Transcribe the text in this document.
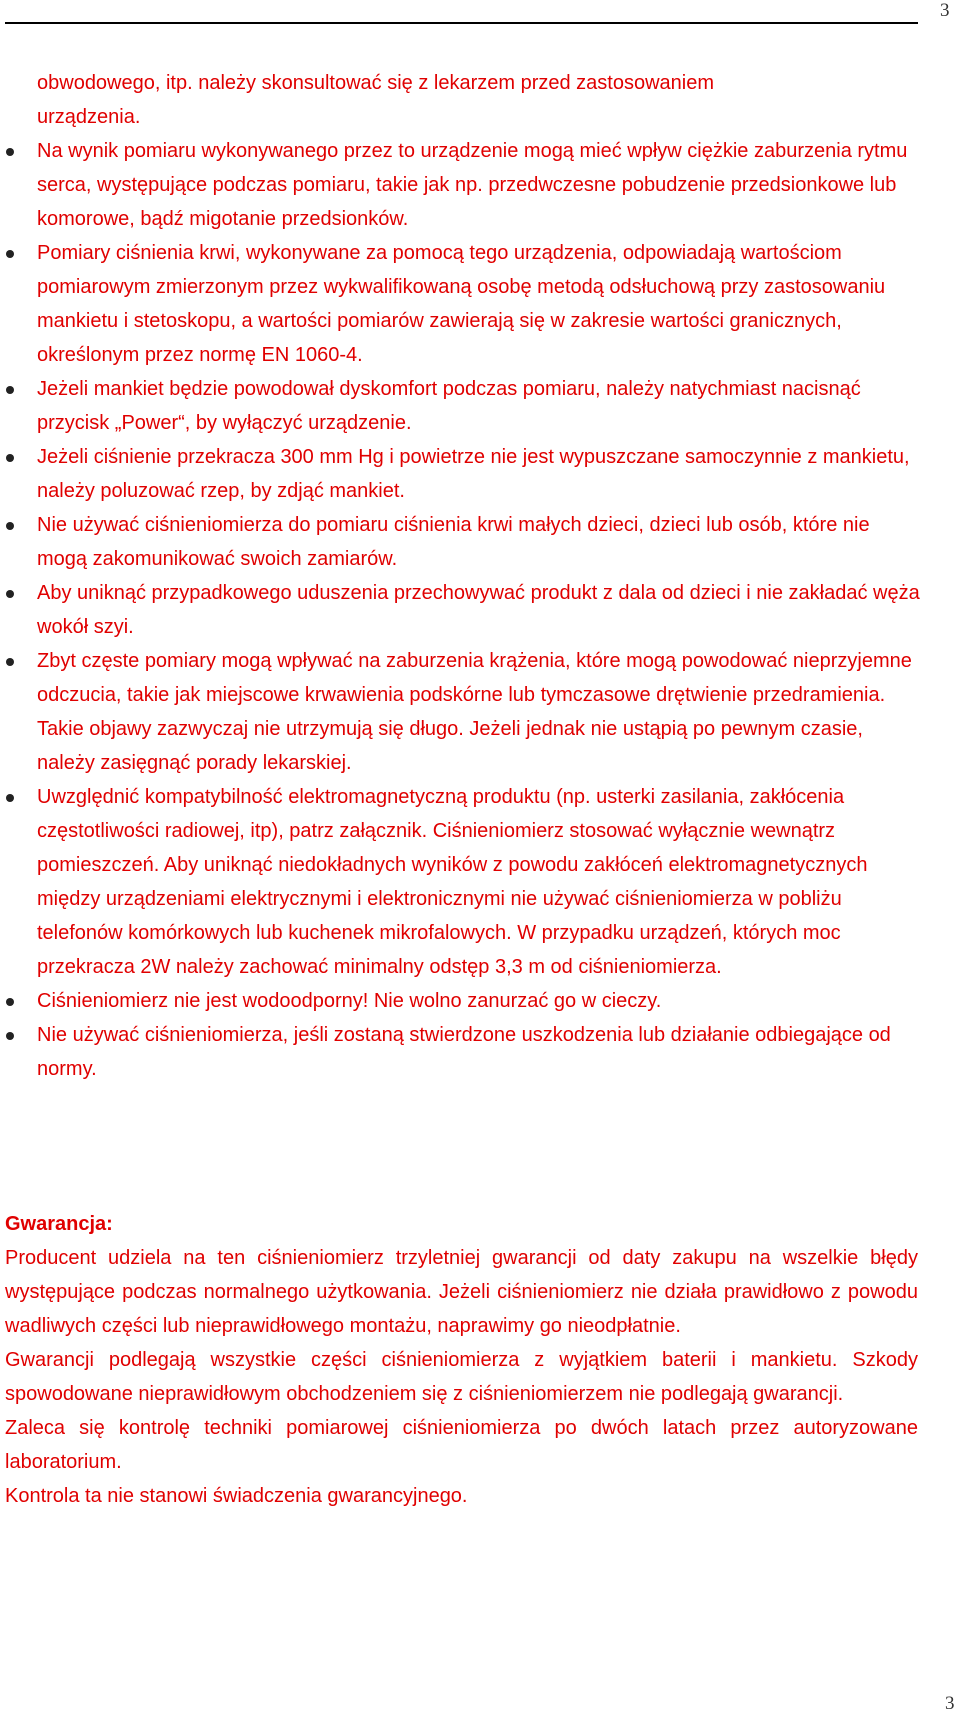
3
obwodowego, itp. należy skonsultować się z lekarzem przed zastosowaniem
urządzenia.
Na wynik pomiaru wykonywanego przez to urządzenie mogą mieć wpływ ciężkie zaburzenia rytmu serca, występujące podczas pomiaru, takie jak np. przedwczesne pobudzenie przedsionkowe lub komorowe, bądź migotanie przedsionków.
Pomiary ciśnienia krwi, wykonywane za pomocą tego urządzenia, odpowiadają wartościom pomiarowym zmierzonym przez wykwalifikowaną osobę metodą odsłuchową przy zastosowaniu mankietu i stetoskopu, a wartości pomiarów zawierają się w zakresie wartości granicznych, określonym przez normę EN 1060-4.
Jeżeli mankiet będzie powodował dyskomfort podczas pomiaru, należy natychmiast nacisnąć przycisk „Power“, by wyłączyć urządzenie.
Jeżeli ciśnienie przekracza 300 mm Hg i powietrze nie jest wypuszczane samoczynnie z mankietu, należy poluzować rzep, by zdjąć mankiet.
Nie używać ciśnieniomierza do pomiaru ciśnienia krwi małych dzieci, dzieci lub osób, które nie mogą zakomunikować swoich zamiarów.
Aby uniknąć przypadkowego uduszenia przechowywać produkt z dala od dzieci i nie zakładać węża wokół szyi.
Zbyt częste pomiary mogą wpływać na zaburzenia krążenia, które mogą powodować nieprzyjemne odczucia, takie jak miejscowe krwawienia podskórne lub tymczasowe drętwienie przedramienia. Takie objawy zazwyczaj nie utrzymują się długo. Jeżeli jednak nie ustąpią po pewnym czasie, należy zasięgnąć porady lekarskiej.
Uwzględnić kompatybilność elektromagnetyczną produktu (np. usterki zasilania, zakłócenia częstotliwości radiowej, itp), patrz załącznik. Ciśnieniomierz stosować wyłącznie wewnątrz pomieszczeń. Aby uniknąć niedokładnych wyników z powodu zakłóceń elektromagnetycznych między urządzeniami elektrycznymi i elektronicznymi nie używać ciśnieniomierza w pobliżu telefonów komórkowych lub kuchenek mikrofalowych. W przypadku urządzeń, których moc przekracza 2W należy zachować minimalny odstęp 3,3 m od ciśnieniomierza.
Ciśnieniomierz nie jest wodoodporny! Nie wolno zanurzać go w cieczy.
Nie używać ciśnieniomierza, jeśli zostaną stwierdzone uszkodzenia lub działanie odbiegające od normy.
Gwarancja:

Producent udziela na ten ciśnieniomierz trzyletniej gwarancji od daty zakupu na wszelkie błędy występujące podczas normalnego użytkowania. Jeżeli ciśnieniomierz nie działa prawidłowo z powodu wadliwych części lub nieprawidłowego montażu, naprawimy go nieodpłatnie.

Gwarancji podlegają wszystkie części ciśnieniomierza z wyjątkiem baterii i mankietu. Szkody spowodowane nieprawidłowym obchodzeniem się z ciśnieniomierzem nie podlegają gwarancji.

Zaleca się kontrolę techniki pomiarowej ciśnieniomierza po dwóch latach przez autoryzowane laboratorium.

Kontrola ta nie stanowi świadczenia gwarancyjnego.

3
